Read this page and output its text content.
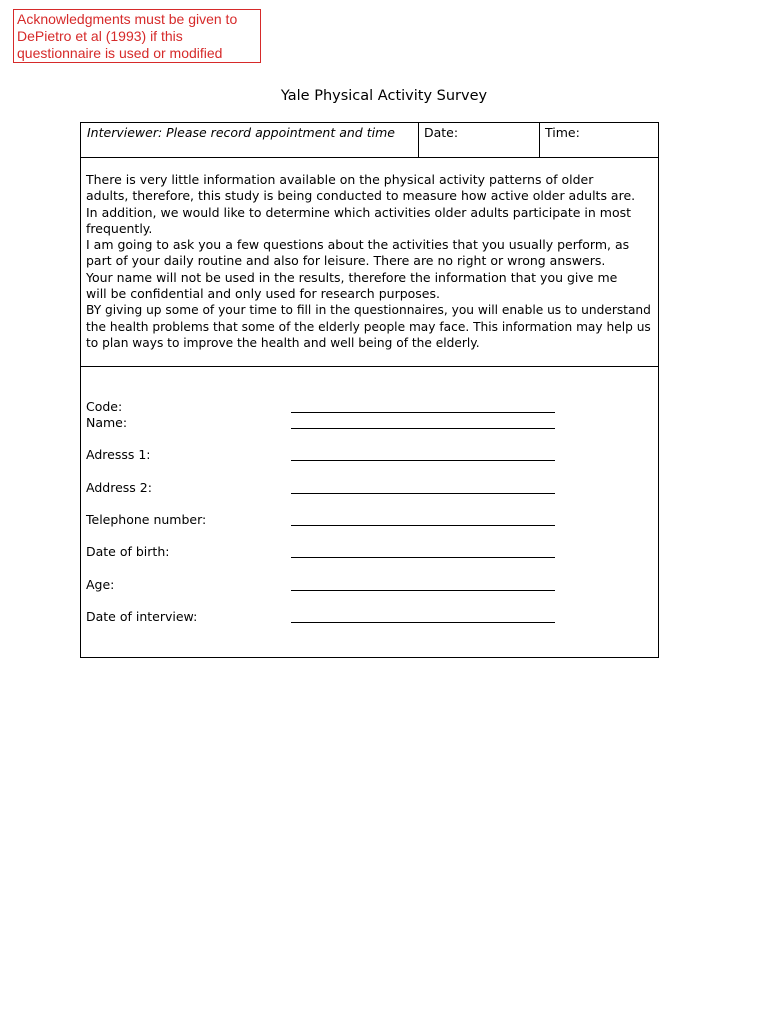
Acknowledgments must be given to
DePietro et al (1993) if this
questionnaire is used or modified
Yale Physical Activity Survey
Interviewer: Please record appointment and time	Date:	Time:

There is very little information available on the physical activity patterns of older

adults, therefore, this study is being conducted to measure how active older adults are.

In addition, we would like to determine which activities older adults participate in most

frequently.

I am going to ask you a few questions about the activities that you usually perform, as

part of your daily routine and also for leisure. There are no right or wrong answers.

Your name will not be used in the results, therefore the information that you give me

will be confidential and only used for research purposes.

BY giving up some of your time to fill in the questionnaires, you will enable us to understand

the health problems that some of the elderly people may face. This information may help us

to plan ways to improve the health and well being of the elderly.

Code:
Name:
Adresss 1:
Address 2:
Telephone number:
Date of birth:
Age:
Date of interview:
